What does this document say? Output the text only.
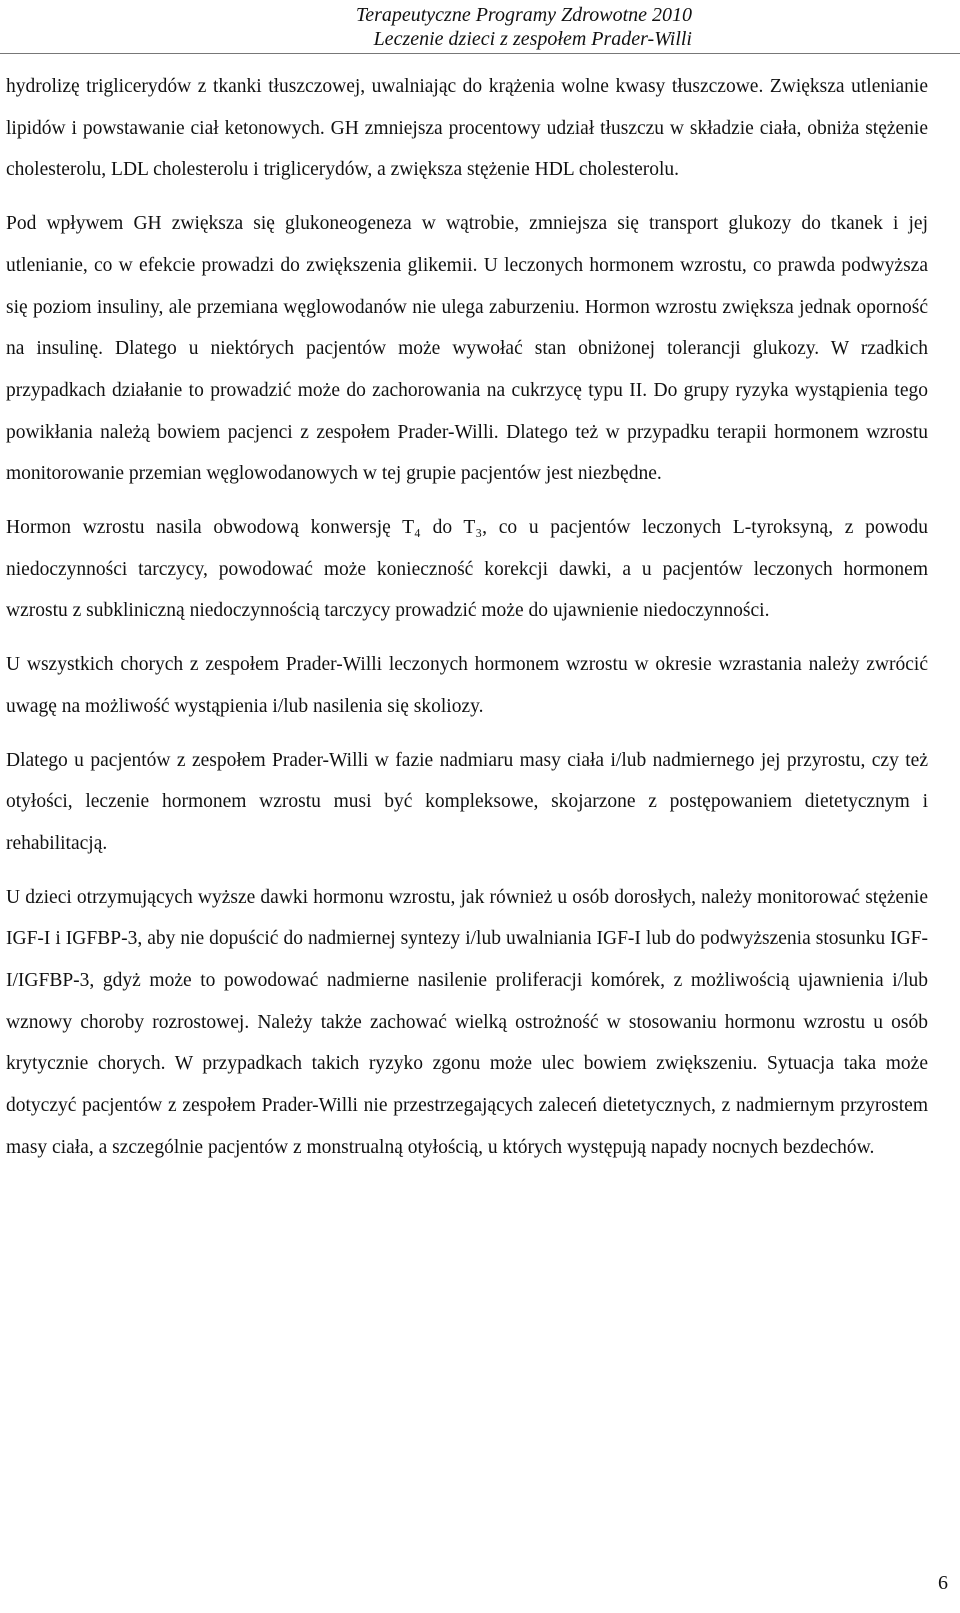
Terapeutyczne Programy Zdrowotne 2010
Leczenie dzieci z zespołem Prader-Willi

hydrolizę triglicerydów z tkanki tłuszczowej, uwalniając do krążenia wolne kwasy tłuszczowe. Zwiększa utlenianie lipidów i powstawanie ciał ketonowych. GH zmniejsza procentowy udział tłuszczu w składzie ciała, obniża stężenie cholesterolu, LDL cholesterolu i triglicerydów, a zwiększa stężenie HDL cholesterolu.

Pod wpływem GH zwiększa się glukoneogeneza w wątrobie, zmniejsza się transport glukozy do tkanek i jej utlenianie, co w efekcie prowadzi do zwiększenia glikemii. U leczonych hormonem wzrostu, co prawda podwyższa się poziom insuliny, ale przemiana węglowodanów nie ulega zaburzeniu. Hormon wzrostu zwiększa jednak oporność na insulinę. Dlatego u niektórych pacjentów może wywołać stan obniżonej tolerancji glukozy. W rzadkich przypadkach działanie to prowadzić może do zachorowania na cukrzycę typu II. Do grupy ryzyka wystąpienia tego powikłania należą bowiem pacjenci z zespołem Prader-Willi. Dlatego też w przypadku terapii hormonem wzrostu monitorowanie przemian węglowodanowych w tej grupie pacjentów jest niezbędne.

Hormon wzrostu nasila obwodową konwersję T₄ do T₃, co u pacjentów leczonych L-tyroksyną, z powodu niedoczynności tarczycy, powodować może konieczność korekcji dawki, a u pacjentów leczonych hormonem wzrostu z subkliniczną niedoczynnością tarczycy prowadzić może do ujawnienie niedoczynności.

U wszystkich chorych z zespołem Prader-Willi leczonych hormonem wzrostu w okresie wzrastania należy zwrócić uwagę na możliwość wystąpienia i/lub nasilenia się skoliozy.

Dlatego u pacjentów z zespołem Prader-Willi w fazie nadmiaru masy ciała i/lub nadmiernego jej przyrostu, czy też otyłości, leczenie hormonem wzrostu musi być kompleksowe, skojarzone z postępowaniem dietetycznym i rehabilitacją.

U dzieci otrzymujących wyższe dawki hormonu wzrostu, jak również u osób dorosłych, należy monitorować stężenie IGF-I i IGFBP-3, aby nie dopuścić do nadmiernej syntezy i/lub uwalniania IGF-I lub do podwyższenia stosunku IGF-I/IGFBP-3, gdyż może to powodować nadmierne nasilenie proliferacji komórek, z możliwością ujawnienia i/lub wznowy choroby rozrostowej. Należy także zachować wielką ostrożność w stosowaniu hormonu wzrostu u osób krytycznie chorych. W przypadkach takich ryzyko zgonu może ulec bowiem zwiększeniu. Sytuacja taka może dotyczyć pacjentów z zespołem Prader-Willi nie przestrzegających zaleceń dietetycznych, z nadmiernym przyrostem masy ciała, a szczególnie pacjentów z monstrualną otyłością, u których występują napady nocnych bezdechów.

6
